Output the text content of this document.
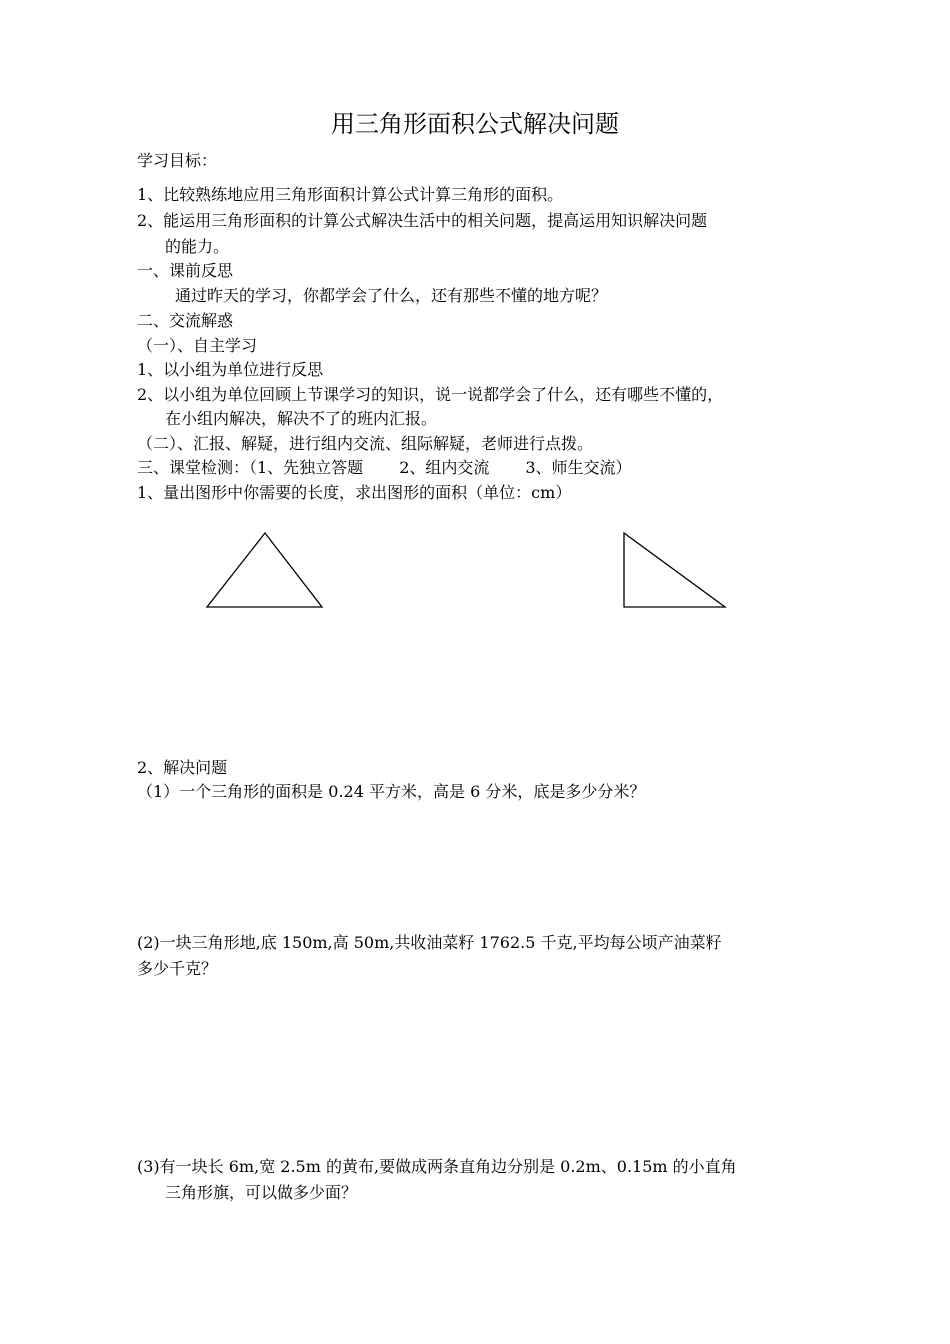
用三角形面积公式解决问题
学习目标：
1、比较熟练地应用三角形面积计算公式计算三角形的面积。
2、能运用三角形面积的计算公式解决生活中的相关问题，提高运用知识解决问题
的能力。
一、课前反思
通过昨天的学习，你都学会了什么，还有那些不懂的地方呢？
二、交流解惑
（一）、自主学习
1、以小组为单位进行反思
2、以小组为单位回顾上节课学习的知识，说一说都学会了什么，还有哪些不懂的，
在小组内解决，解决不了的班内汇报。
（二）、汇报、解疑，进行组内交流、组际解疑，老师进行点拨。
三、课堂检测：（1、先独立答题 2、组内交流 3、师生交流）
1、量出图形中你需要的长度，求出图形的面积（单位：cm）
2、解决问题
（1）一个三角形的面积是 0.24 平方米，高是 6 分米，底是多少分米？
(2)一块三角形地,底 150m,高 50m,共收油菜籽 1762.5 千克,平均每公顷产油菜籽
多少千克？
(3)有一块长 6m,宽 2.5m 的黄布,要做成两条直角边分别是 0.2m、0.15m 的小直角
三角形旗，可以做多少面？
